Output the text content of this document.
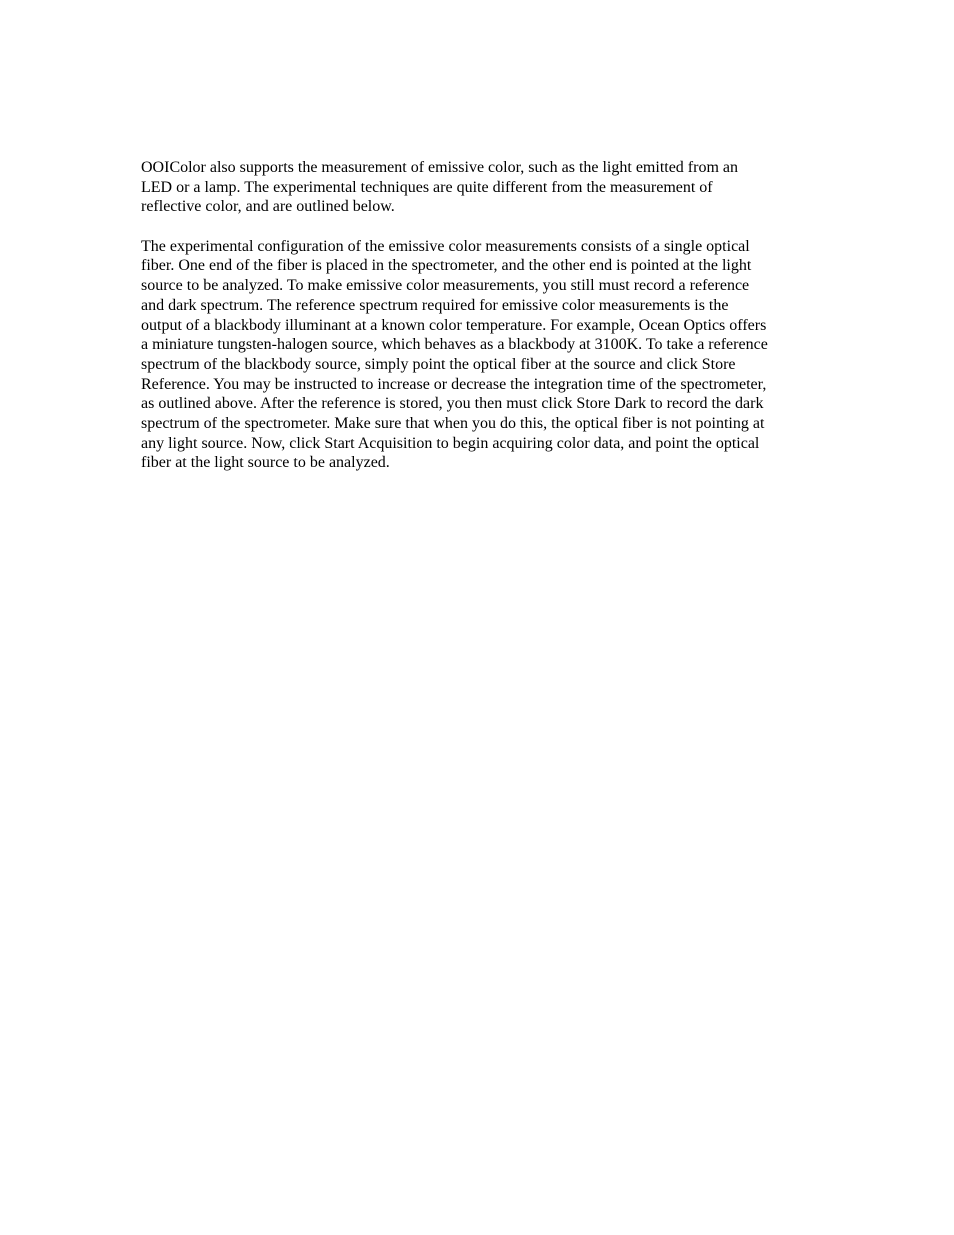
OOIColor also supports the measurement of emissive color, such as the light emitted from an
LED or a lamp. The experimental techniques are quite different from the measurement of
reflective color, and are outlined below.

The experimental configuration of the emissive color measurements consists of a single optical
fiber. One end of the fiber is placed in the spectrometer, and the other end is pointed at the light
source to be analyzed. To make emissive color measurements, you still must record a reference
and dark spectrum. The reference spectrum required for emissive color measurements is the
output of a blackbody illuminant at a known color temperature. For example, Ocean Optics offers
a miniature tungsten-halogen source, which behaves as a blackbody at 3100K. To take a reference
spectrum of the blackbody source, simply point the optical fiber at the source and click Store
Reference. You may be instructed to increase or decrease the integration time of the spectrometer,
as outlined above. After the reference is stored, you then must click Store Dark to record the dark
spectrum of the spectrometer. Make sure that when you do this, the optical fiber is not pointing at
any light source. Now, click Start Acquisition to begin acquiring color data, and point the optical
fiber at the light source to be analyzed.
